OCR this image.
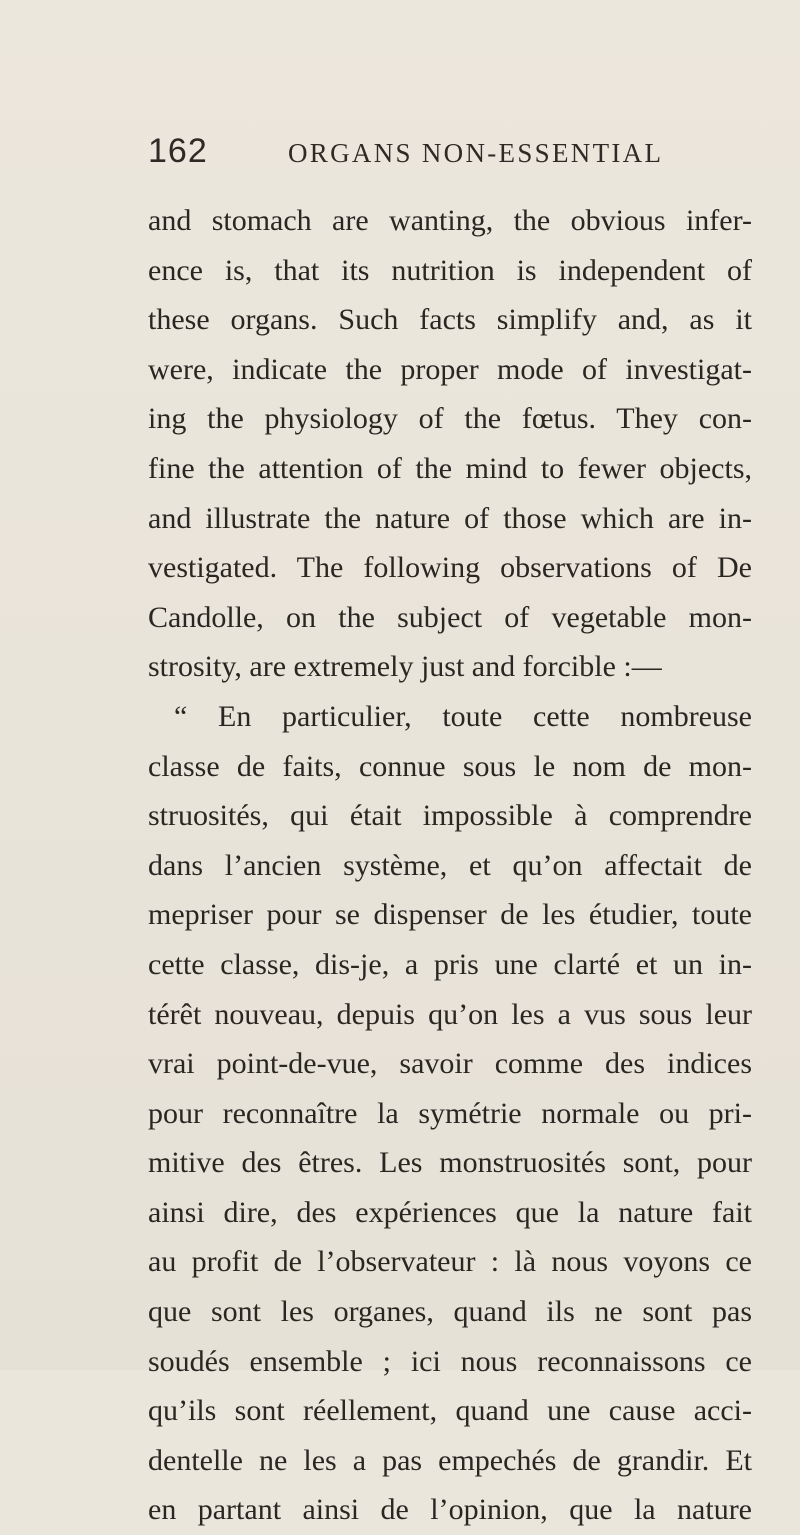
162	ORGANS NON-ESSENTIAL
and stomach are wanting, the obvious infer-
ence is, that its nutrition is independent of
these organs. Such facts simplify and, as it
were, indicate the proper mode of investigat-
ing the physiology of the fœtus. They con-
fine the attention of the mind to fewer objects,
and illustrate the nature of those which are in-
vestigated. The following observations of De
Candolle, on the subject of vegetable mon-
strosity, are extremely just and forcible :—
“ En particulier, toute cette nombreuse
classe de faits, connue sous le nom de mon-
struosités, qui était impossible à comprendre
dans l’ancien système, et qu’on affectait de
mepriser pour se dispenser de les étudier, toute
cette classe, dis-je, a pris une clarté et un in-
térêt nouveau, depuis qu’on les a vus sous leur
vrai point-de-vue, savoir comme des indices
pour reconnaître la symétrie normale ou pri-
mitive des êtres. Les monstruosités sont, pour
ainsi dire, des expériences que la nature fait
au profit de l’observateur : là nous voyons ce
que sont les organes, quand ils ne sont pas
soudés ensemble ; ici nous reconnaissons ce
qu’ils sont réellement, quand une cause acci-
dentelle ne les a pas empechés de grandir. Et
en partant ainsi de l’opinion, que la nature
